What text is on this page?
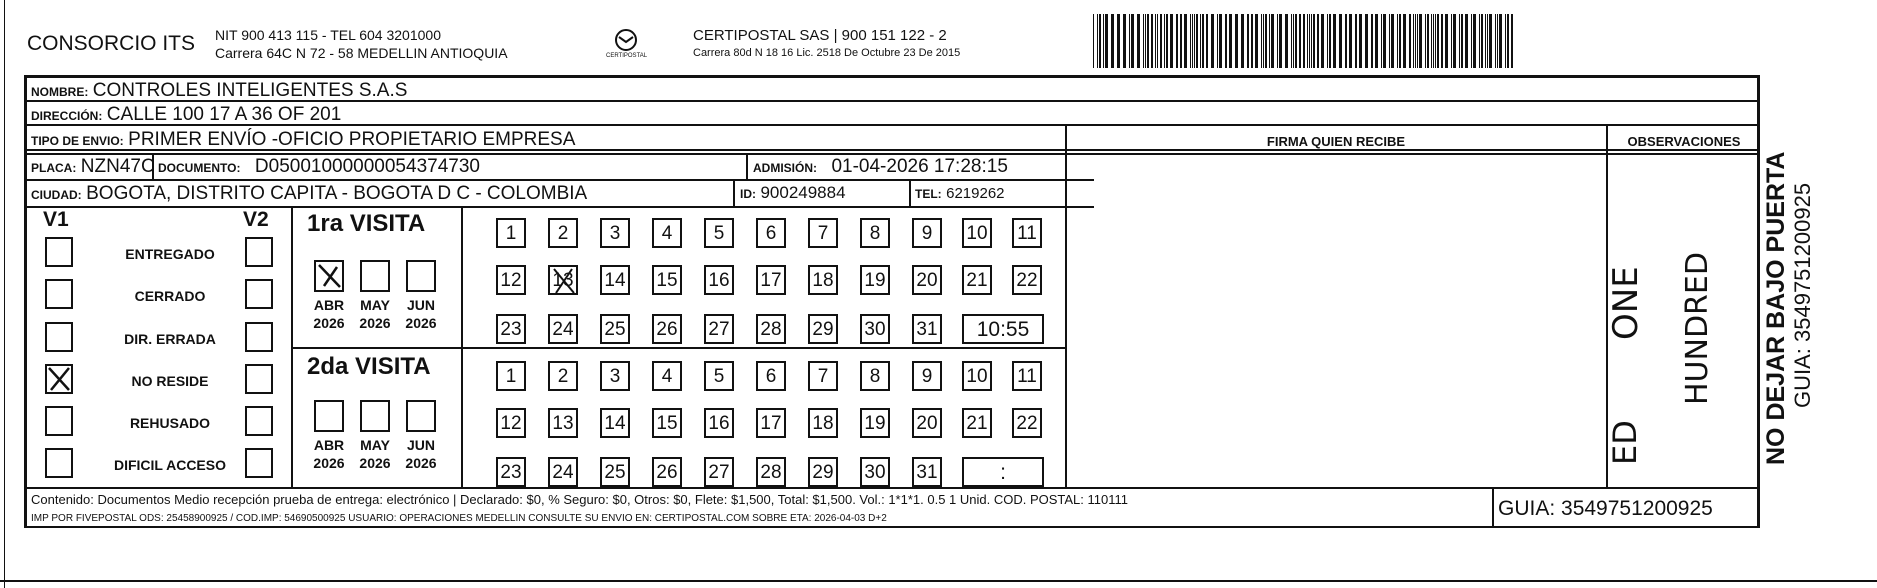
CONSORCIO ITS NIT 900 413 115 - TEL 604 3201000
Carrera 64C N 72 - 58 MEDELLIN ANTIOQUIA	CERTIPOSTAL
CERTIPOSTAL SAS | 900 151 122 - 2
Carrera 80d N 18 16 Lic. 2518 De Octubre 23 De 2015
NOMBRE: CONTROLES INTELIGENTES S.A.S
DIRECCIÓN: CALLE 100 17 A 36 OF 201
TIPO DE ENVIO: PRIMER ENVÍO -OFICIO PROPIETARIO EMPRESA
PLACA: NZN47C DOCUMENTO: D05001000000054374730	ADMISIÓN: 01-04-2026 17:28:15
CIUDAD: BOGOTA, DISTRITO CAPITA - BOGOTA D C - COLOMBIA	ID: 900249884	TEL: 6219262
FIRMA QUIEN RECIBE	OBSERVACIONES
V1	V2
ENTREGADO
CERRADO
DIR. ERRADA
NO RESIDE
REHUSADO
DIFICIL ACCESO
1ra VISITA
ABR
2026
MAY
2026
JUN
2026
1	2	3	4	5	6	7	8	9	10 11
12 13 14 15 16 17 18 19 20 21 22
23 24 25 26 27 28 29 30 31	10:55
2da VISITA
ABR
2026
MAY
2026
JUN
2026
1	2	3	4	5	6	7	8	9	10 11
12 13 14 15 16 17 18 19 20 21 22
23 24 25 26 27 28 29 30 31	:
ONE HUNDRED
ED	NO DEJAR BAJO PUERTA GUIA: 3549751200925
Contenido: Documentos Medio recepción prueba de entrega: electrónico | Declarado: $0, % Seguro: $0, Otros: $0, Flete: $1,500, Total: $1,500. Vol.: 1*1*1. 0.5 1 Unid. COD. POSTAL: 110111
IMP POR FIVEPOSTAL ODS: 25458900925 / COD.IMP: 54690500925 USUARIO: OPERACIONES MEDELLIN CONSULTE SU ENVIO EN: CERTIPOSTAL.COM SOBRE ETA: 2026-04-03 D+2	GUIA: 3549751200925
